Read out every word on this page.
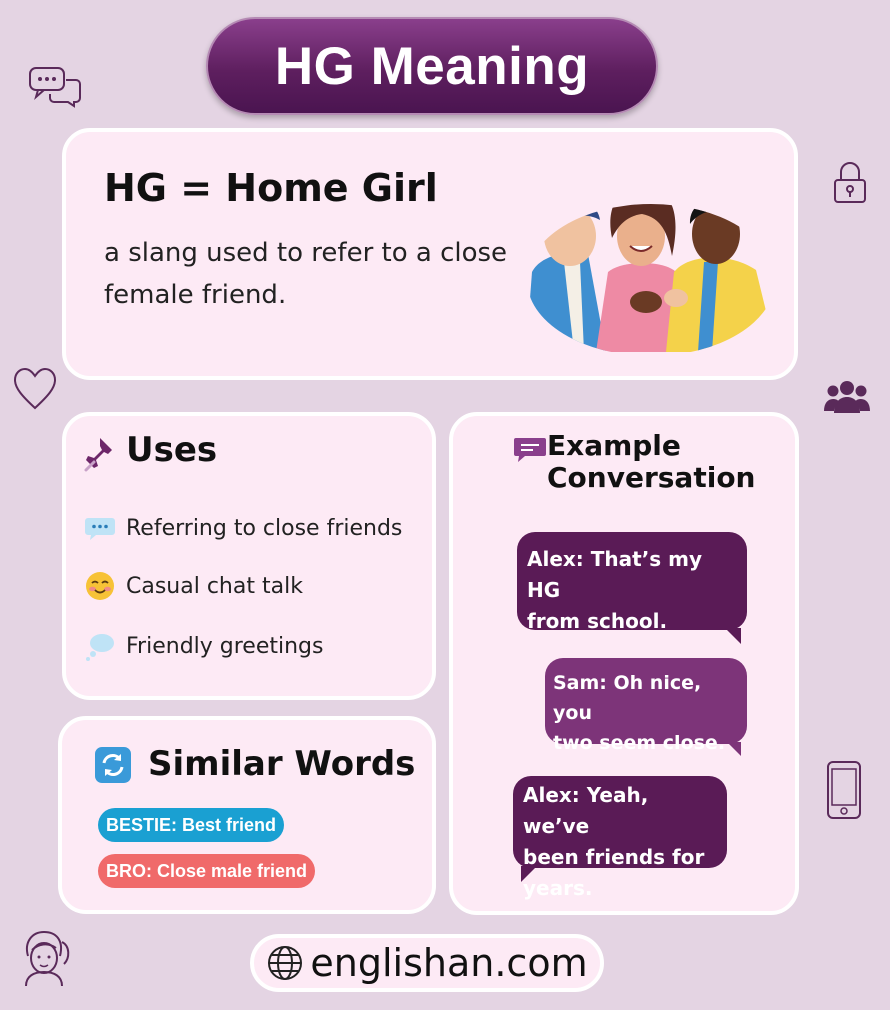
HG Meaning
HG = Home Girl
a slang used to refer to a close female friend.
Uses
Referring to close friends
Casual chat talk
Friendly greetings
Similar Words
BESTIE: Best friend
BRO: Close male friend
Example
Conversation
Alex: That’s my HG
from school.
Sam: Oh nice, you
two seem close.
Alex: Yeah, we’ve
been friends for
years.
englishan.com
